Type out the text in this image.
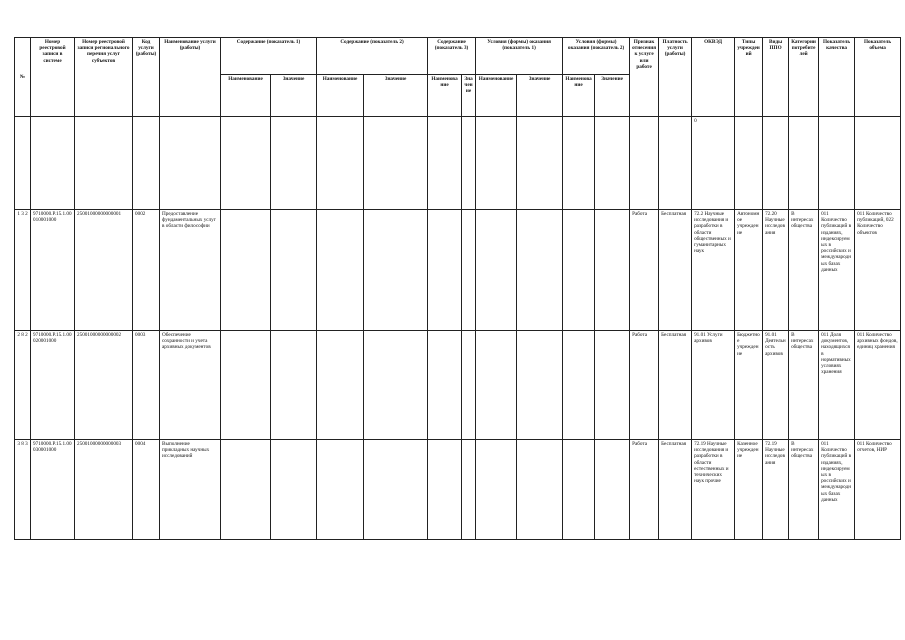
№	Номер реестровой записи в системе	Номер реестровой записи регионального перечня услуг субъектов	Код услуги (работы)	Наименование услуги (работы)	Содержание (показатель 1)		Содержание (показатель 2)		Содержание (показатель 3)		Условия (формы) оказания (показатель 1)		Условия (формы) оказания (показатель 2)		Признак отнесения к услуге или работе	Платность услуги (работы)	ОКВЭД	Типы учреждений	Виды ППО	Категории потребителей	Показатель качества	Показатель объема
					Наименование	Значение	Наименование	Значение	Наименование	Значение	Наименование	Значение	Наименование	Значение								
																	0					
1 3 2	9710000.Р.15.1.00010001000	25001000000000001	0002	Предоставление фундаментальных услуг в области философии											Работа	Бесплатная	72.2 Научные исследования и разработки в области общественных и гуманитарных наук	Автономное учреждение	72.20 Научные исследования	В интересах общества	011 Количество публикаций в изданиях, индексируемых в российских и международных базах данных	011 Количество публикаций, 022 Количество объектов
2 8 2	9710000.Р.15.1.00020001000	25001000000000002	0003	Обеспечение сохранности и учета архивных документов											Работа	Бесплатная	91.01 Услуги архивов	Бюджетное учреждение	91.01 Деятельность архивов	В интересах общества	011 Доля документов, находящихся в нормативных условиях хранения	011 Количество архивных фондов, единиц хранения
3 8 3	9710000.Р.15.1.00030001000	25001000000000003	0004	Выполнение прикладных научных исследований											Работа	Бесплатная	72.19 Научные исследования и разработки в области естественных и технических наук прочие	Казенное учреждение	72.19 Научные исследования	В интересах общества	011 Количество публикаций в изданиях, индексируемых в российских и международных базах данных	011 Количество отчетов, НИР
